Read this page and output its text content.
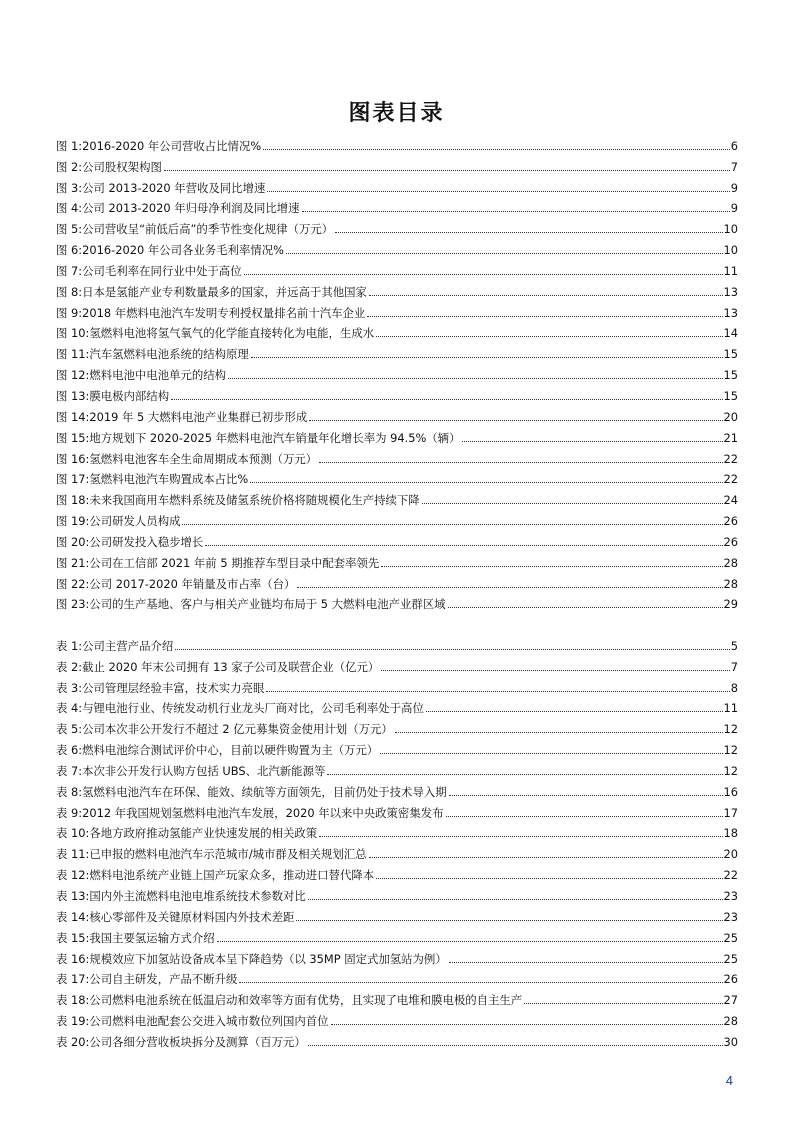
图表目录
图 1: 2016-2020 年公司营收占比情况%	6
图 2: 公司股权架构图	7
图 3: 公司 2013-2020 年营收及同比增速	9
图 4: 公司 2013-2020 年归母净利润及同比增速	9
图 5: 公司营收呈“前低后高”的季节性变化规律（万元）	10
图 6: 2016-2020 年公司各业务毛利率情况%	10
图 7: 公司毛利率在同行业中处于高位	11
图 8: 日本是氢能产业专利数量最多的国家，并远高于其他国家	13
图 9: 2018 年燃料电池汽车发明专利授权量排名前十汽车企业	13
图 10: 氢燃料电池将氢气氧气的化学能直接转化为电能，生成水	14
图 11: 汽车氢燃料电池系统的结构原理	15
图 12: 燃料电池中电池单元的结构	15
图 13: 膜电极内部结构	15
图 14: 2019 年 5 大燃料电池产业集群已初步形成	20
图 15: 地方规划下 2020-2025 年燃料电池汽车销量年化增长率为 94.5%（辆）	21
图 16: 氢燃料电池客车全生命周期成本预测（万元）	22
图 17: 氢燃料电池汽车购置成本占比%	22
图 18: 未来我国商用车燃料系统及储氢系统价格将随规模化生产持续下降	24
图 19: 公司研发人员构成	26
图 20: 公司研发投入稳步增长	26
图 21: 公司在工信部 2021 年前 5 期推荐车型目录中配套率领先	28
图 22: 公司 2017-2020 年销量及市占率（台）	28
图 23: 公司的生产基地、客户与相关产业链均布局于 5 大燃料电池产业群区域	29
表 1: 公司主营产品介绍	5
表 2: 截止 2020 年末公司拥有 13 家子公司及联营企业（亿元）	7
表 3: 公司管理层经验丰富，技术实力亮眼	8
表 4: 与锂电池行业、传统发动机行业龙头厂商对比，公司毛利率处于高位	11
表 5: 公司本次非公开发行不超过 2 亿元募集资金使用计划（万元）	12
表 6: 燃料电池综合测试评价中心，目前以硬件购置为主（万元）	12
表 7: 本次非公开发行认购方包括 UBS、北汽新能源等	12
表 8: 氢燃料电池汽车在环保、能效、续航等方面领先，目前仍处于技术导入期	16
表 9: 2012 年我国规划氢燃料电池汽车发展，2020 年以来中央政策密集发布	17
表 10: 各地方政府推动氢能产业快速发展的相关政策	18
表 11: 已申报的燃料电池汽车示范城市/城市群及相关规划汇总	20
表 12: 燃料电池系统产业链上国产玩家众多，推动进口替代降本	22
表 13: 国内外主流燃料电池电堆系统技术参数对比	23
表 14: 核心零部件及关键原材料国内外技术差距	23
表 15: 我国主要氢运输方式介绍	25
表 16: 规模效应下加氢站设备成本呈下降趋势（以 35MP 固定式加氢站为例）	25
表 17: 公司自主研发，产品不断升级	26
表 18: 公司燃料电池系统在低温启动和效率等方面有优势，且实现了电堆和膜电极的自主生产	27
表 19: 公司燃料电池配套公交进入城市数位列国内首位	28
表 20: 公司各细分营收板块拆分及测算（百万元）	30
4
